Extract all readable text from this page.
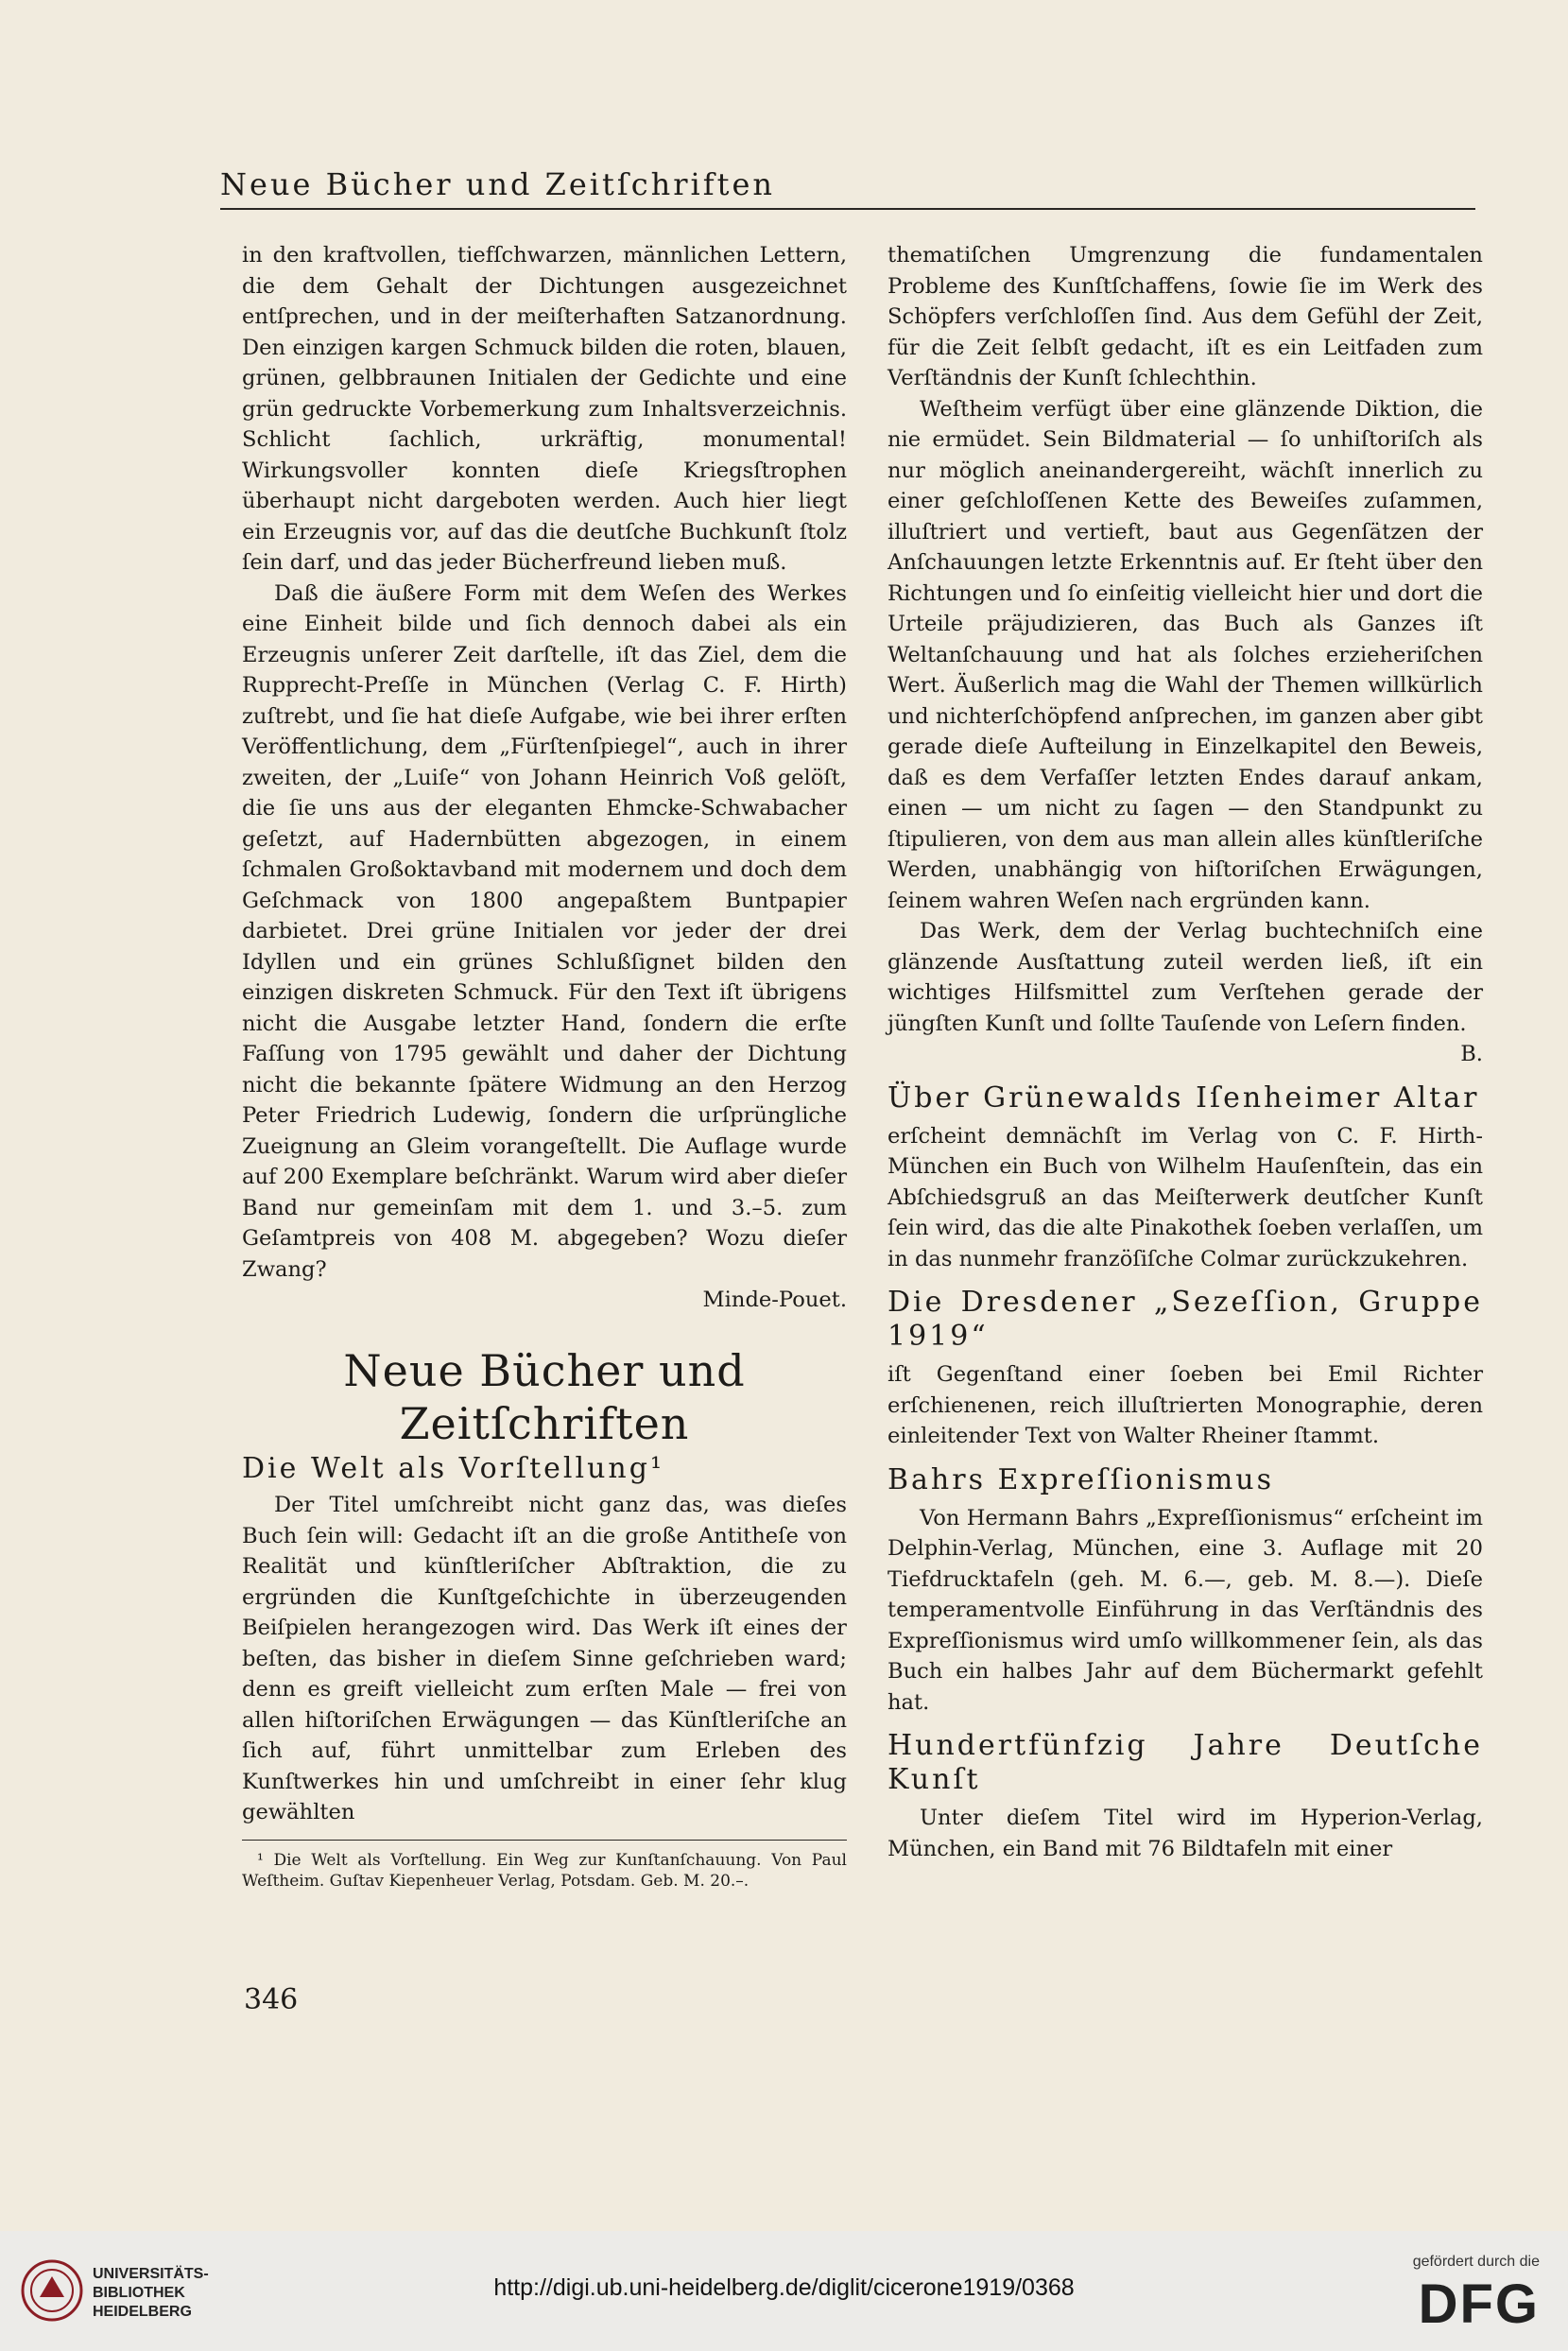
Neue Bücher und Zeitſchriften

in den kraftvollen, tiefſchwarzen, männlichen Lettern, die dem Gehalt der Dichtungen ausgezeichnet entſprechen, und in der meiſterhaften Satzanordnung. Den einzigen kargen Schmuck bilden die roten, blauen, grünen, gelbbraunen Initialen der Gedichte und eine grün gedruckte Vorbemerkung zum Inhaltsverzeichnis. Schlicht ſachlich, urkräftig, monumental! Wirkungsvoller konnten dieſe Kriegsſtrophen überhaupt nicht dargeboten werden. Auch hier liegt ein Erzeugnis vor, auf das die deutſche Buchkunſt ſtolz ſein darf, und das jeder Bücherfreund lieben muß.

Daß die äußere Form mit dem Weſen des Werkes eine Einheit bilde und ſich dennoch dabei als ein Erzeugnis unſerer Zeit darſtelle, iſt das Ziel, dem die Rupprecht-Preſſe in München (Verlag C. F. Hirth) zuſtrebt, und ſie hat dieſe Aufgabe, wie bei ihrer erſten Veröffentlichung, dem „Fürſtenſpiegel“, auch in ihrer zweiten, der „Luiſe“ von Johann Heinrich Voß gelöſt, die ſie uns aus der eleganten Ehmcke-Schwabacher geſetzt, auf Hadernbütten abgezogen, in einem ſchmalen Großoktavband mit modernem und doch dem Geſchmack von 1800 angepaßtem Buntpapier darbietet. Drei grüne Initialen vor jeder der drei Idyllen und ein grünes Schlußſignet bilden den einzigen diskreten Schmuck. Für den Text iſt übrigens nicht die Ausgabe letzter Hand, ſondern die erſte Faſſung von 1795 gewählt und daher der Dichtung nicht die bekannte ſpätere Widmung an den Herzog Peter Friedrich Ludewig, ſondern die urſprüngliche Zueignung an Gleim vorangeſtellt. Die Auflage wurde auf 200 Exemplare beſchränkt. Warum wird aber dieſer Band nur gemeinſam mit dem 1. und 3.–5. zum Geſamtpreis von 408 M. abgegeben? Wozu dieſer Zwang?

Minde-Pouet.

Neue Bücher und Zeitſchriften
Die Welt als Vorſtellung¹

Der Titel umſchreibt nicht ganz das, was dieſes Buch ſein will: Gedacht iſt an die große Antitheſe von Realität und künſtleriſcher Abſtraktion, die zu ergründen die Kunſtgeſchichte in überzeugenden Beiſpielen herangezogen wird. Das Werk iſt eines der beſten, das bisher in dieſem Sinne geſchrieben ward; denn es greift vielleicht zum erſten Male — frei von allen hiſtoriſchen Erwägungen — das Künſtleriſche an ſich auf, führt unmittelbar zum Erleben des Kunſtwerkes hin und umſchreibt in einer ſehr klug gewählten

¹ Die Welt als Vorſtellung. Ein Weg zur Kunſtanſchauung. Von Paul Weſtheim. Guſtav Kiepenheuer Verlag, Potsdam. Geb. M. 20.–.

thematiſchen Umgrenzung die fundamentalen Probleme des Kunſtſchaffens, ſowie ſie im Werk des Schöpfers verſchloſſen ſind. Aus dem Gefühl der Zeit, für die Zeit ſelbſt gedacht, iſt es ein Leitfaden zum Verſtändnis der Kunſt ſchlechthin.

Weſtheim verfügt über eine glänzende Diktion, die nie ermüdet. Sein Bildmaterial — ſo unhiſtoriſch als nur möglich aneinandergereiht, wächſt innerlich zu einer geſchloſſenen Kette des Beweiſes zuſammen, illuſtriert und vertieft, baut aus Gegenſätzen der Anſchauungen letzte Erkenntnis auf. Er ſteht über den Richtungen und ſo einſeitig vielleicht hier und dort die Urteile präjudizieren, das Buch als Ganzes iſt Weltanſchauung und hat als ſolches erzieheriſchen Wert. Äußerlich mag die Wahl der Themen willkürlich und nichterſchöpfend anſprechen, im ganzen aber gibt gerade dieſe Aufteilung in Einzelkapitel den Beweis, daß es dem Verfaſſer letzten Endes darauf ankam, einen — um nicht zu ſagen — den Standpunkt zu ſtipulieren, von dem aus man allein alles künſtleriſche Werden, unabhängig von hiſtoriſchen Erwägungen, ſeinem wahren Weſen nach ergründen kann.

Das Werk, dem der Verlag buchtechniſch eine glänzende Ausſtattung zuteil werden ließ, iſt ein wichtiges Hilfsmittel zum Verſtehen gerade der jüngſten Kunſt und ſollte Tauſende von Leſern finden.

B.

Über Grünewalds Iſenheimer Altar

erſcheint demnächſt im Verlag von C. F. Hirth-München ein Buch von Wilhelm Hauſenſtein, das ein Abſchiedsgruß an das Meiſterwerk deutſcher Kunſt ſein wird, das die alte Pinakothek ſoeben verlaſſen, um in das nunmehr franzöſiſche Colmar zurückzukehren.

Die Dresdener „Sezeſſion, Gruppe 1919“

iſt Gegenſtand einer ſoeben bei Emil Richter erſchienenen, reich illuſtrierten Monographie, deren einleitender Text von Walter Rheiner ſtammt.

Bahrs Expreſſionismus

Von Hermann Bahrs „Expreſſionismus“ erſcheint im Delphin-Verlag, München, eine 3. Auflage mit 20 Tiefdrucktafeln (geh. M. 6.—, geb. M. 8.—). Dieſe temperamentvolle Einführung in das Verſtändnis des Expreſſionismus wird umſo willkommener ſein, als das Buch ein halbes Jahr auf dem Büchermarkt gefehlt hat.

Hundertfünfzig Jahre Deutſche Kunſt

Unter dieſem Titel wird im Hyperion-Verlag, München, ein Band mit 76 Bildtafeln mit einer

346
UNIVERSITÄTS-
BIBLIOTHEK
HEIDELBERG
http://digi.ub.uni-heidelberg.de/diglit/cicerone1919/0368
gefördert durch die
DFG
